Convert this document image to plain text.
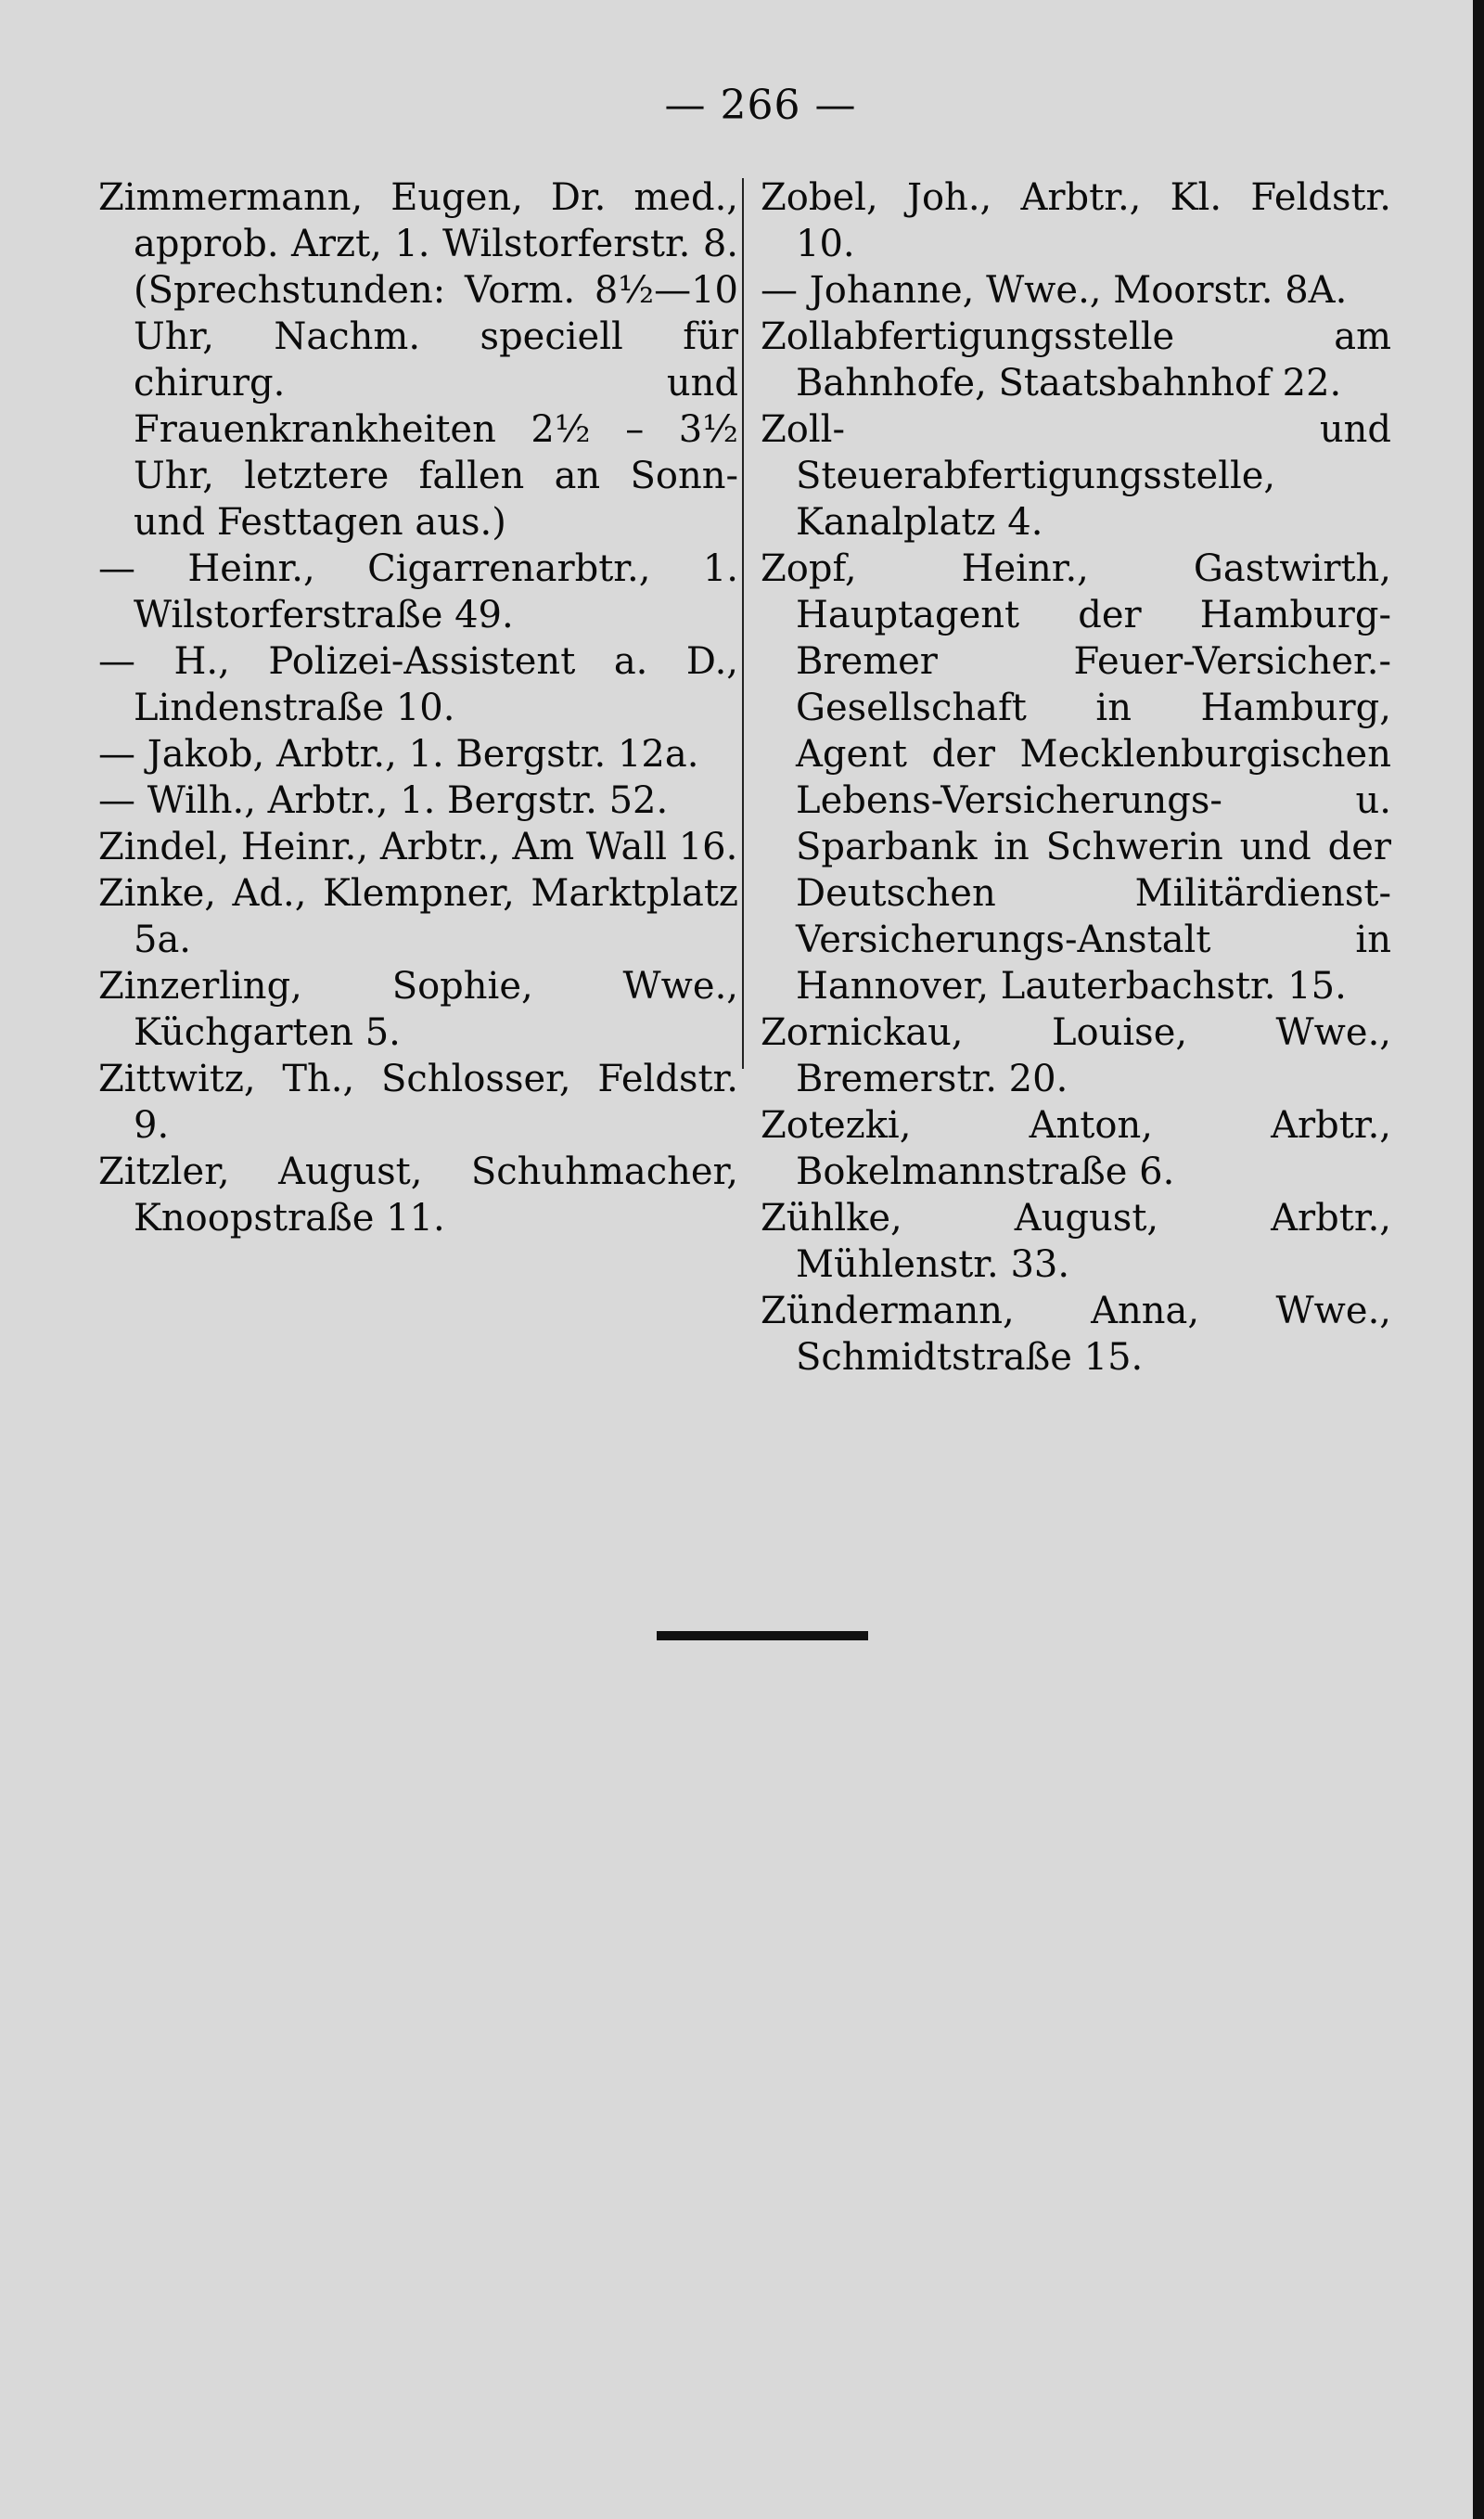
— 266 —

Zimmermann, Eugen, Dr. med., approb. Arzt, 1. Wilstorferstr. 8. (Sprechstunden: Vorm. 8½—10 Uhr, Nachm. speciell für chirurg. und Frauenkrankheiten 2½ – 3½ Uhr, letztere fallen an Sonn- und Festtagen aus.)

— Heinr., Cigarrenarbtr., 1. Wilstorferstraße 49.

— H., Polizei-Assistent a. D., Lindenstraße 10.

— Jakob, Arbtr., 1. Bergstr. 12a.

— Wilh., Arbtr., 1. Bergstr. 52.

Zindel, Heinr., Arbtr., Am Wall 16.

Zinke, Ad., Klempner, Marktplatz 5a.

Zinzerling, Sophie, Wwe., Küchgarten 5.

Zittwitz, Th., Schlosser, Feldstr. 9.

Zitzler, August, Schuhmacher, Knoopstraße 11.

Zobel, Joh., Arbtr., Kl. Feldstr. 10.

— Johanne, Wwe., Moorstr. 8A.

Zollabfertigungsstelle am Bahnhofe, Staatsbahnhof 22.

Zoll- und Steuerabfertigungsstelle, Kanalplatz 4.

Zopf, Heinr., Gastwirth, Hauptagent der Hamburg-Bremer Feuer-Versicher.-Gesellschaft in Hamburg, Agent der Mecklenburgischen Lebens-Versicherungs- u. Sparbank in Schwerin und der Deutschen Militärdienst-Versicherungs-Anstalt in Hannover, Lauterbachstr. 15.

Zornickau, Louise, Wwe., Bremerstr. 20.

Zotezki, Anton, Arbtr., Bokelmannstraße 6.

Zühlke, August, Arbtr., Mühlenstr. 33.

Zündermann, Anna, Wwe., Schmidtstraße 15.
